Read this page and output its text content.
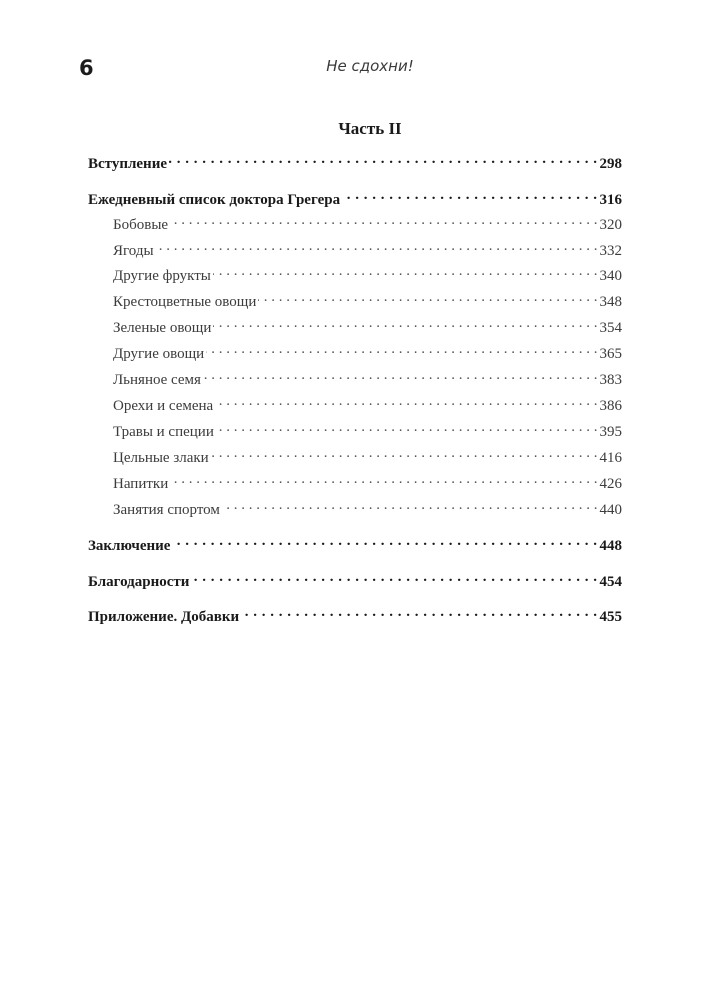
6	Не сдохни!
Часть II
Вступление . . .	298
Ежедневный список доктора Грегера . . .	316
Бобовые . . .	320
Ягоды . . .	332
Другие фрукты . . .	340
Крестоцветные овощи . . .	348
Зеленые овощи . . .	354
Другие овощи . . .	365
Льняное семя . . .	383
Орехи и семена . . .	386
Травы и специи . . .	395
Цельные злаки . . .	416
Напитки . . .	426
Занятия спортом . . .	440
Заключение . . .	448
Благодарности . . .	454
Приложение. Добавки . . .	455
